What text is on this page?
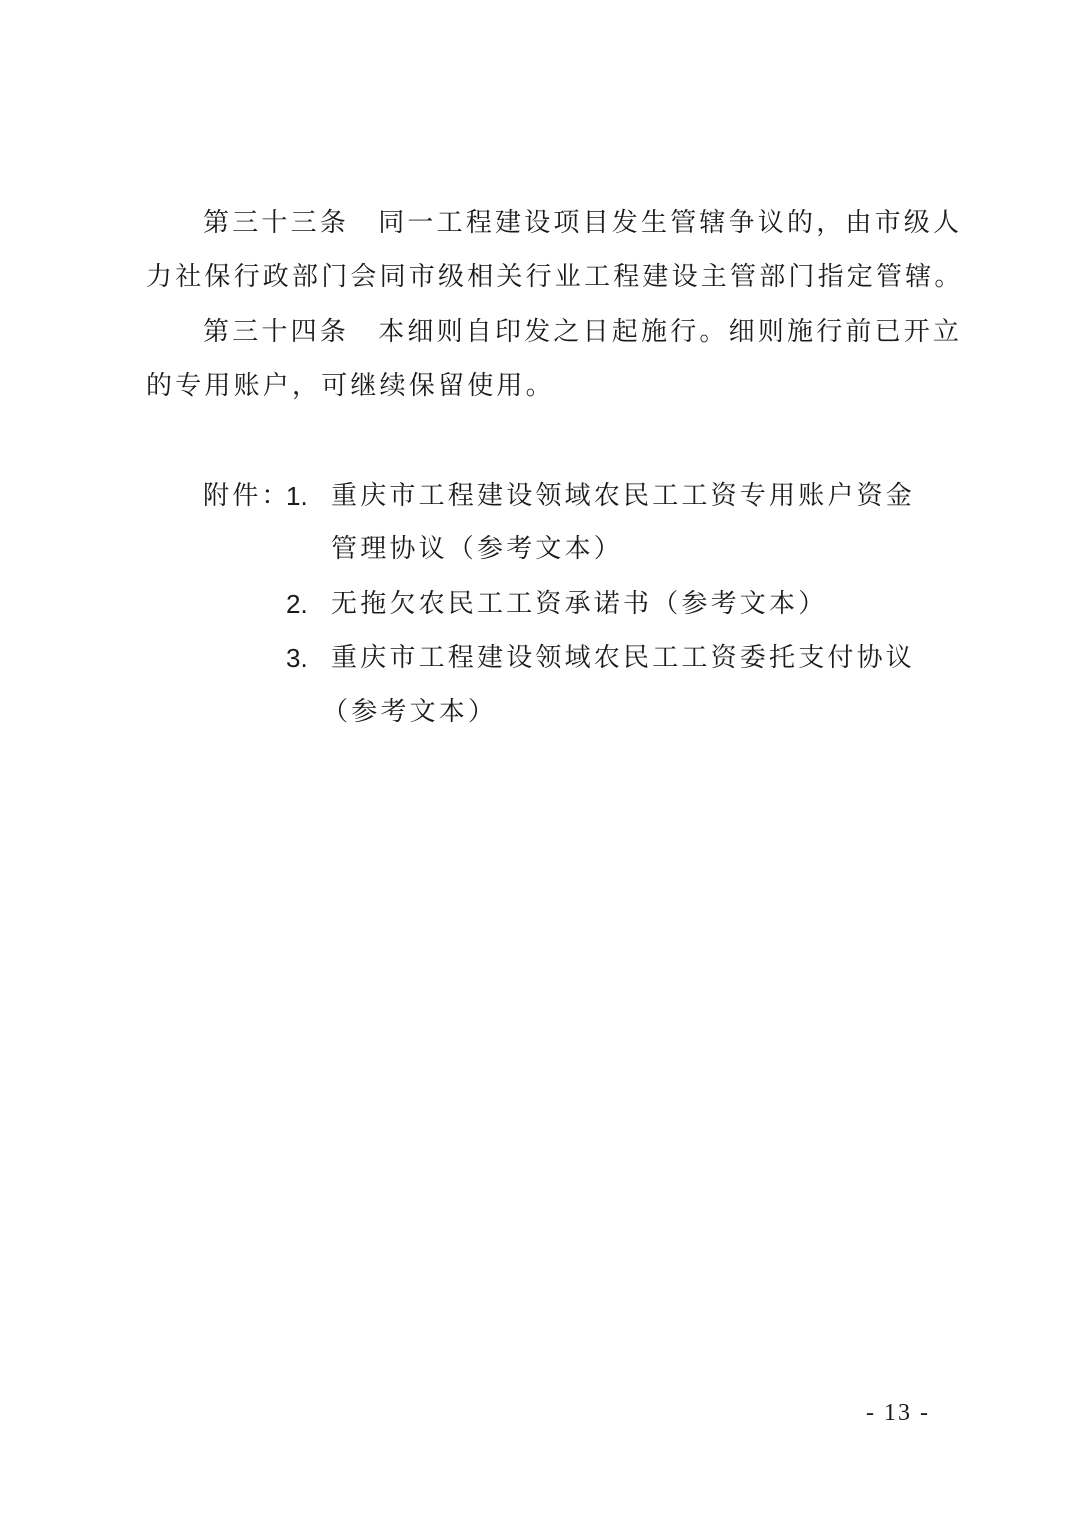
第三十三条　同一工程建设项目发生管辖争议的，由市级人
力社保行政部门会同市级相关行业工程建设主管部门指定管辖。
第三十四条　本细则自印发之日起施行。细则施行前已开立
的专用账户，可继续保留使用。
附件：
1. 重庆市工程建设领域农民工工资专用账户资金
管理协议（参考文本）
2. 无拖欠农民工工资承诺书（参考文本）
3. 重庆市工程建设领域农民工工资委托支付协议
（参考文本）
- 13 -
